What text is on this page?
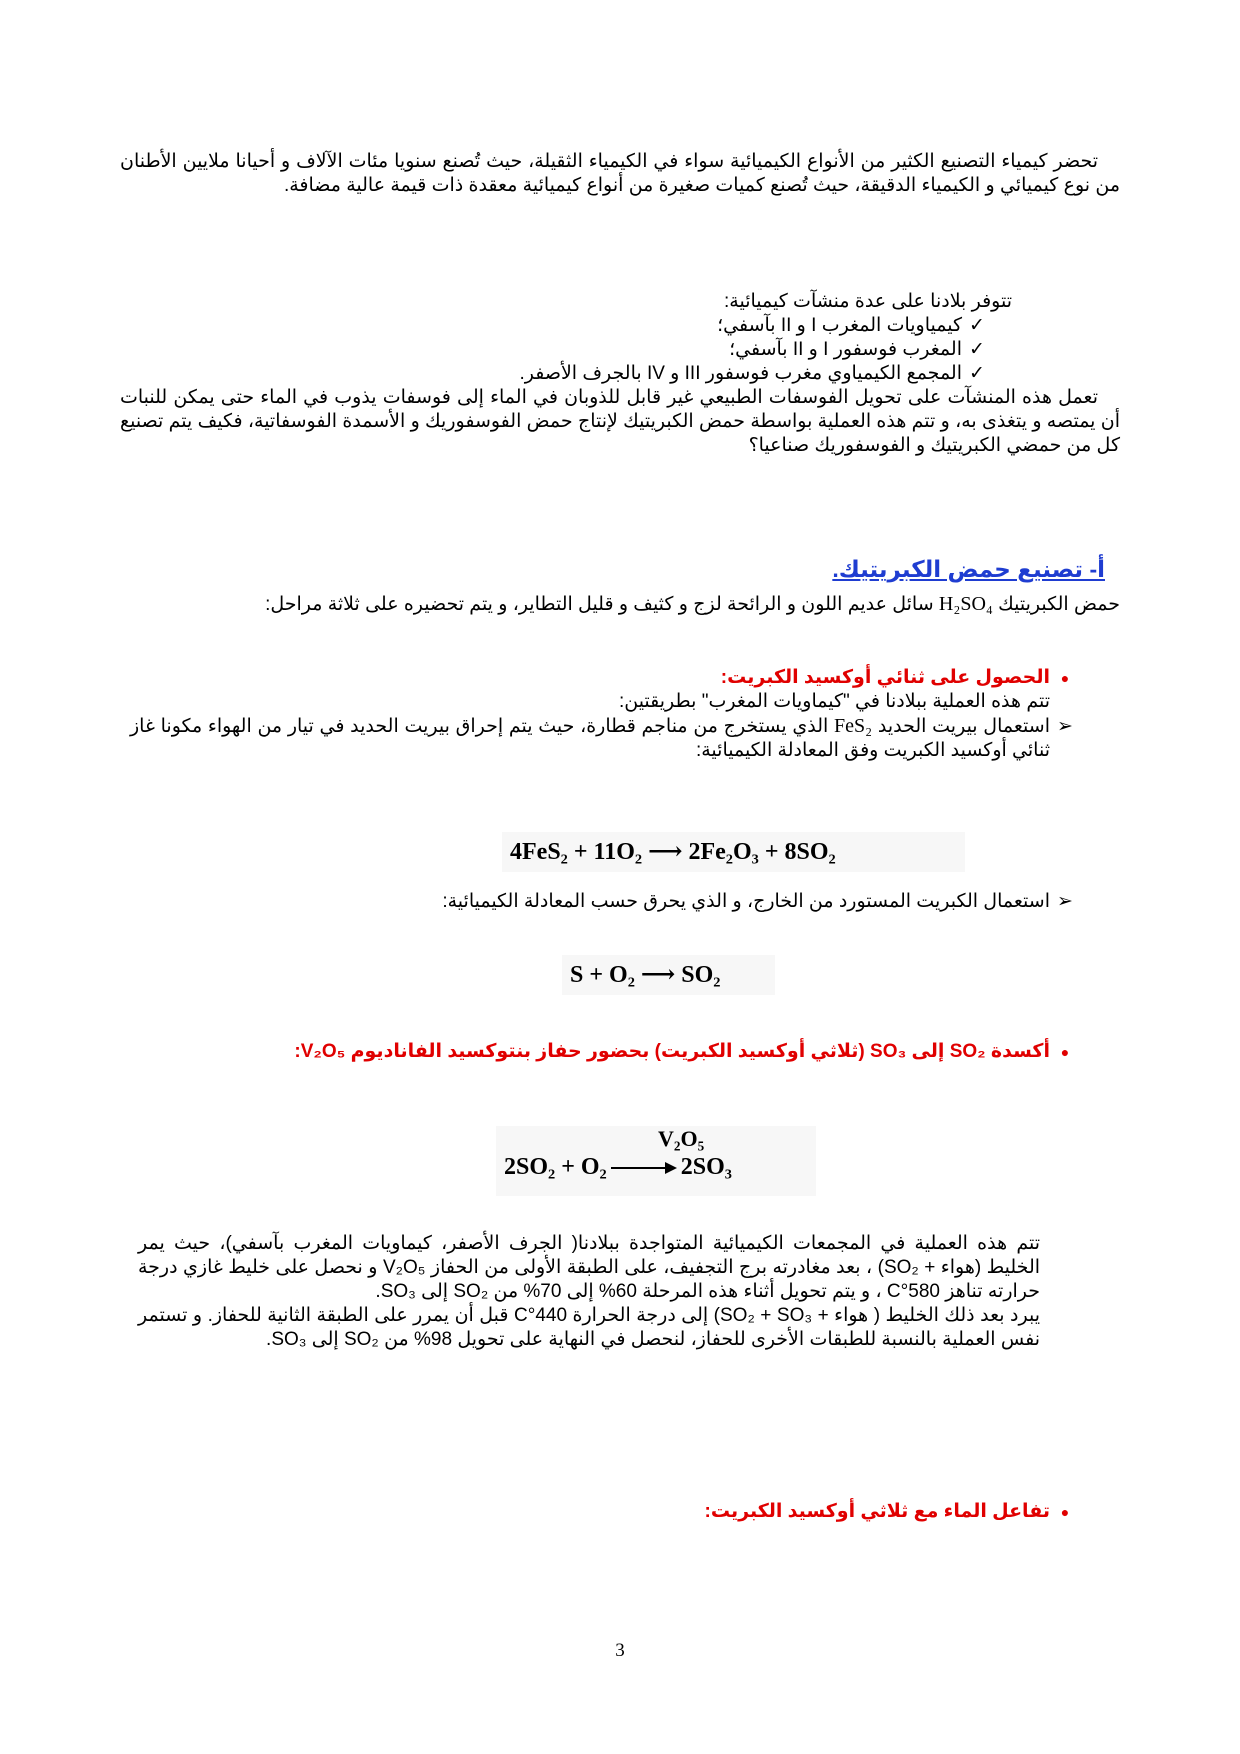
تحضر كيمياء التصنيع الكثير من الأنواع الكيميائية سواء في الكيمياء الثقيلة، حيث تُصنع سنويا مئات الآلاف و أحيانا ملايين الأطنان من نوع كيميائي و الكيمياء الدقيقة، حيث تُصنع كميات صغيرة من أنواع كيميائية معقدة ذات قيمة عالية مضافة.

تتوفر بلادنا على عدة منشآت كيميائية:

✓
كيمياويات المغرب I و II بآسفي؛
✓
المغرب فوسفور I و II بآسفي؛
✓
المجمع الكيمياوي مغرب فوسفور III و IV بالجرف الأصفر.

تعمل هذه المنشآت على تحويل الفوسفات الطبيعي غير قابل للذوبان في الماء إلى فوسفات يذوب في الماء حتى يمكن للنبات أن يمتصه و يتغذى به، و تتم هذه العملية بواسطة حمض الكبريتيك لإنتاج حمض الفوسفوريك و الأسمدة الفوسفاتية، فكيف يتم تصنيع كل من حمضي الكبريتيك و الفوسفوريك صناعيا؟

أ- تصنيع حمض الكبريتيك.

حمض الكبريتيك H₂SO₄ سائل عديم اللون و الرائحة لزج و كثيف و قليل التطاير، و يتم تحضيره على ثلاثة مراحل:

●
الحصول على ثنائي أوكسيد الكبريت:

تتم هذه العملية ببلادنا في "كيماويات المغرب" بطريقتين:

➢
استعمال بيريت الحديد FeS₂ الذي يستخرج من مناجم قطارة، حيث يتم إحراق بيريت الحديد في تيار من الهواء مكونا غاز ثنائي أوكسيد الكبريت وفق المعادلة الكيميائية:
4FeS₂ + 11O₂ ⟶ 2Fe₂O₃ + 8SO₂
➢
استعمال الكبريت المستورد من الخارج، و الذي يحرق حسب المعادلة الكيميائية:
S + O₂ ⟶ SO₂
●
أكسدة SO₂ إلى SO₃ (ثلاثي أوكسيد الكبريت) بحضور حفاز بنتوكسيد الفاناديوم V₂O₅:
V₂O₅
2SO₂ + O₂ → 2SO₃

تتم هذه العملية في المجمعات الكيميائية المتواجدة ببلادنا( الجرف الأصفر، كيماويات المغرب بآسفي)، حيث يمر الخليط (هواء + SO₂) ، بعد مغادرته برج التجفيف، على الطبقة الأولى من الحفاز V₂O₅ و نحصل على خليط غازي درجة حرارته تناهز 580°C ، و يتم تحويل أثناء هذه المرحلة 60% إلى 70% من SO₂ إلى SO₃.

يبرد بعد ذلك الخليط ( هواء + SO₂ + SO₃) إلى درجة الحرارة 440°C قبل أن يمرر على الطبقة الثانية للحفاز. و تستمر نفس العملية بالنسبة للطبقات الأخرى للحفاز، لنحصل في النهاية على تحويل 98% من SO₂ إلى SO₃.

●
تفاعل الماء مع ثلاثي أوكسيد الكبريت:
3
